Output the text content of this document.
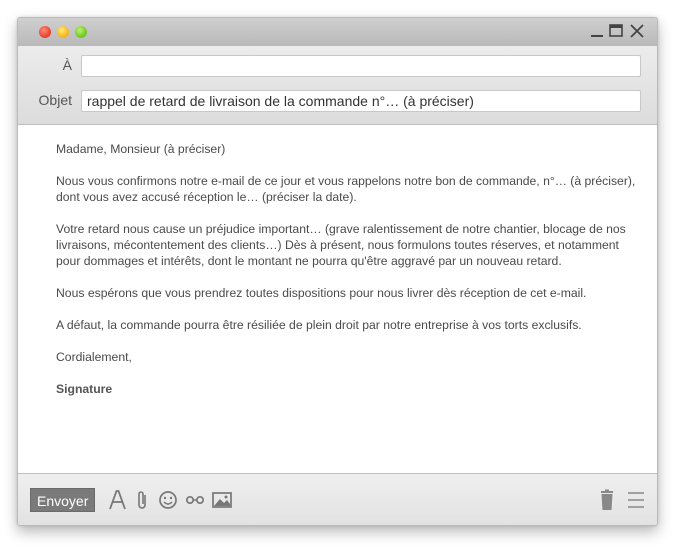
À
Objet	rappel de retard de livraison de la commande n°… (à préciser)

Madame, Monsieur (à préciser)

Nous vous confirmons notre e-mail de ce jour et vous rappelons notre bon de commande, n°… (à préciser), dont vous avez accusé réception le… (préciser la date).

Votre retard nous cause un préjudice important… (grave ralentissement de notre chantier, blocage de nos livraisons, mécontentement des clients…) Dès à présent, nous formulons toutes réserves, et notamment pour dommages et intérêts, dont le montant ne pourra qu'être aggravé par un nouveau retard.

Nous espérons que vous prendrez toutes dispositions pour nous livrer dès réception de cet e-mail.

A défaut, la commande pourra être résiliée de plein droit par notre entreprise à vos torts exclusifs.

Cordialement,

Signature

Envoyer
